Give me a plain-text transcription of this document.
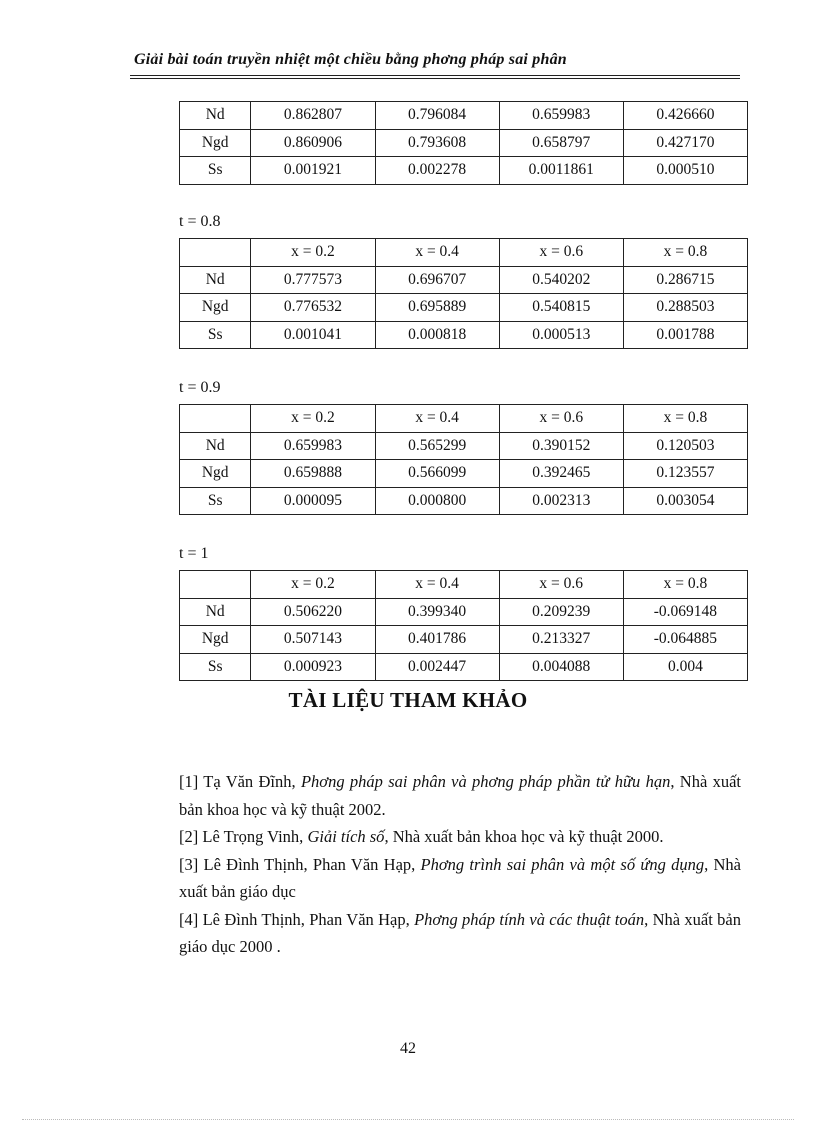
Giải bài toán truyền nhiệt một chiều bằng phơng pháp sai phân
Nd	0.862807	0.796084	0.659983	0.426660
Ngd	0.860906	0.793608	0.658797	0.427170
Ss	0.001921	0.002278	0.0011861	0.000510
t = 0.8
	x = 0.2	x = 0.4	x = 0.6	x = 0.8
Nd	0.777573	0.696707	0.540202	0.286715
Ngd	0.776532	0.695889	0.540815	0.288503
Ss	0.001041	0.000818	0.000513	0.001788
t = 0.9
	x = 0.2	x = 0.4	x = 0.6	x = 0.8
Nd	0.659983	0.565299	0.390152	0.120503
Ngd	0.659888	0.566099	0.392465	0.123557
Ss	0.000095	0.000800	0.002313	0.003054
t = 1
	x = 0.2	x = 0.4	x = 0.6	x = 0.8
Nd	0.506220	0.399340	0.209239	-0.069148
Ngd	0.507143	0.401786	0.213327	-0.064885
Ss	0.000923	0.002447	0.004088	0.004
TÀI LIỆU THAM KHẢO

[1] Tạ Văn Đĩnh, Phơng pháp sai phân và phơng pháp phần tử hữu hạn, Nhà xuất bản khoa học và kỹ thuật 2002.

[2] Lê Trọng Vinh, Giải tích số, Nhà xuất bản khoa học và kỹ thuật 2000.

[3] Lê Đình Thịnh, Phan Văn Hạp, Phơng trình sai phân và một số ứng dụng, Nhà xuất bản giáo dục

[4] Lê Đình Thịnh, Phan Văn Hạp, Phơng pháp tính và các thuật toán, Nhà xuất bản giáo dục 2000 .

42
